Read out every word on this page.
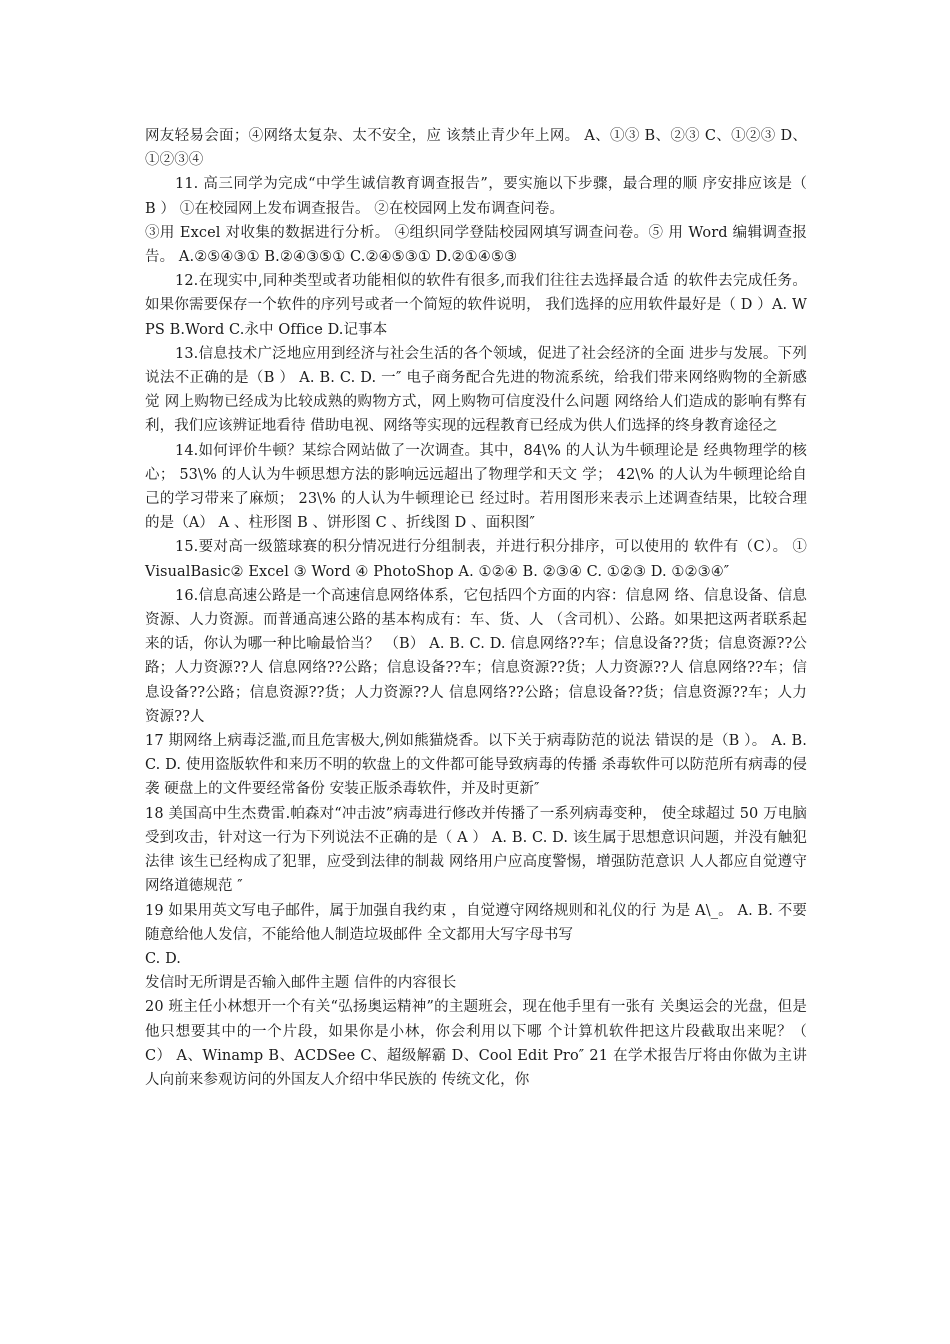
网友轻易会面；④网络太复杂、太不安全，应 该禁止青少年上网。 A、①③ B、②③ C、①②③ D、①②③④

11. 高三同学为完成“中学生诚信教育调查报告”，要实施以下步骤，最合理的顺 序安排应该是（ B ） ①在校园网上发布调查报告。 ②在校园网上发布调查问卷。

③用 Excel 对收集的数据进行分析。 ④组织同学登陆校园网填写调查问卷。⑤ 用 Word 编辑调查报告。 A.②⑤④③① B.②④③⑤① C.②④⑤③① D.②①④⑤③

12.在现实中,同种类型或者功能相似的软件有很多,而我们往往去选择最合适 的软件去完成任务。如果你需要保存一个软件的序列号或者一个简短的软件说明， 我们选择的应用软件最好是（ D ）A. WPS B.Word C.永中 Office D.记事本

13.信息技术广泛地应用到经济与社会生活的各个领域，促进了社会经济的全面 进步与发展。下列说法不正确的是（B ） A. B. C. D. 一″ 电子商务配合先进的物流系统，给我们带来网络购物的全新感觉 网上购物已经成为比较成熟的购物方式，网上购物可信度没什么问题 网络给人们造成的影响有弊有利，我们应该辨证地看待 借助电视、网络等实现的远程教育已经成为供人们选择的终身教育途径之

14.如何评价牛顿？某综合网站做了一次调查。其中，84\% 的人认为牛顿理论是 经典物理学的核心； 53\% 的人认为牛顿思想方法的影响远远超出了物理学和天文 学； 42\% 的人认为牛顿理论给自己的学习带来了麻烦； 23\% 的人认为牛顿理论已 经过时。若用图形来表示上述调查结果，比较合理的是（A） A 、柱形图 B 、饼形图 C 、折线图 D 、面积图″

15.要对高一级篮球赛的积分情况进行分组制表，并进行积分排序，可以使用的 软件有（C）。 ① VisualBasic② Excel ③ Word ④ PhotoShop A. ①②④ B. ②③④ C. ①②③ D. ①②③④″

16.信息高速公路是一个高速信息网络体系，它包括四个方面的内容：信息网 络、信息设备、信息资源、人力资源。而普通高速公路的基本构成有：车、货、人 （含司机）、公路。如果把这两者联系起来的话，你认为哪一种比喻最恰当？ （B） A. B. C. D. 信息网络??车；信息设备??货；信息资源??公路；人力资源??人 信息网络??公路；信息设备??车；信息资源??货；人力资源??人 信息网络??车；信息设备??公路；信息资源??货；人力资源??人 信息网络??公路；信息设备??货；信息资源??车；人力资源??人

17 期网络上病毒泛滥,而且危害极大,例如熊猫烧香。以下关于病毒防范的说法 错误的是（B ）。 A. B. C. D. 使用盗版软件和来历不明的软盘上的文件都可能导致病毒的传播 杀毒软件可以防范所有病毒的侵袭 硬盘上的文件要经常备份 安装正版杀毒软件，并及时更新″

18 美国高中生杰费雷.帕森对“冲击波”病毒进行修改并传播了一系列病毒变种， 使全球超过 50 万电脑受到攻击，针对这一行为下列说法不正确的是（ A ） A. B. C. D. 该生属于思想意识问题，并没有触犯法律 该生已经构成了犯罪，应受到法律的制裁 网络用户应高度警惕，增强防范意识 人人都应自觉遵守网络道德规范 ″

19 如果用英文写电子邮件，属于加强自我约束 ，自觉遵守网络规则和礼仪的行 为是 A\_。 A. B. 不要随意给他人发信，不能给他人制造垃圾邮件 全文都用大写字母书写

C. D.

发信时无所谓是否输入邮件主题 信件的内容很长

20 班主任小林想开一个有关“弘扬奥运精神”的主题班会，现在他手里有一张有 关奥运会的光盘，但是他只想要其中的一个片段，如果你是小林，你会利用以下哪 个计算机软件把这片段截取出来呢？（ C） A、Winamp B、ACDSee C、超级解霸 D、Cool Edit Pro″ 21 在学术报告厅将由你做为主讲人向前来参观访问的外国友人介绍中华民族的 传统文化，你
